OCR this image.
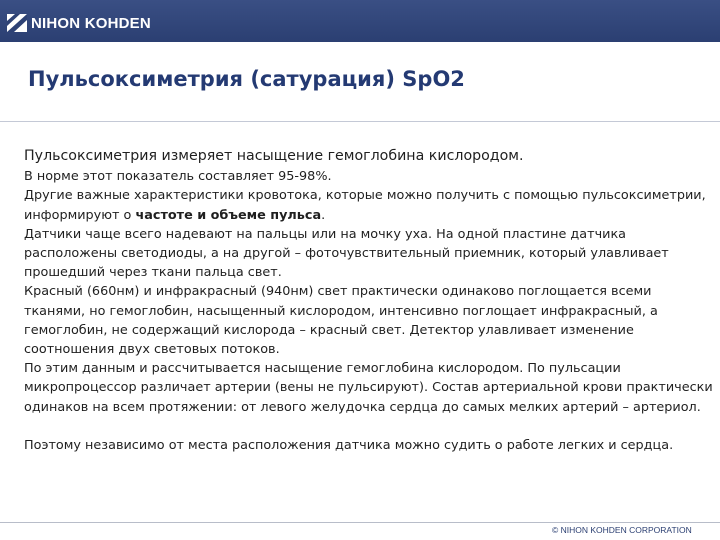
NIHON KOHDEN
Пульсоксиметрия (сатурация) SpO2

Пульсоксиметрия измеряет насыщение гемоглобина кислородом.

В норме этот показатель составляет 95-98%.

Другие важные характеристики кровотока, которые можно получить с помощью пульсоксиметрии, информируют о частоте и объеме пульса.

Датчики чаще всего надевают на пальцы или на мочку уха. На одной пластине датчика расположены светодиоды, а на другой – фоточувствительный приемник, который улавливает прошедший через ткани пальца свет.

Красный (660нм) и инфракрасный (940нм) свет практически одинаково поглощается всеми тканями, но гемоглобин, насыщенный кислородом, интенсивно поглощает инфракрасный, а гемоглобин, не содержащий кислорода – красный свет. Детектор улавливает изменение соотношения двух световых потоков.

По этим данным и рассчитывается насыщение гемоглобина кислородом. По пульсации микропроцессор различает артерии (вены не пульсируют). Состав артериальной крови практически одинаков на всем протяжении: от левого желудочка сердца до самых мелких артерий – артериол.

Поэтому независимо от места расположения датчика можно судить о работе легких и сердца.

© NIHON KOHDEN CORPORATION
